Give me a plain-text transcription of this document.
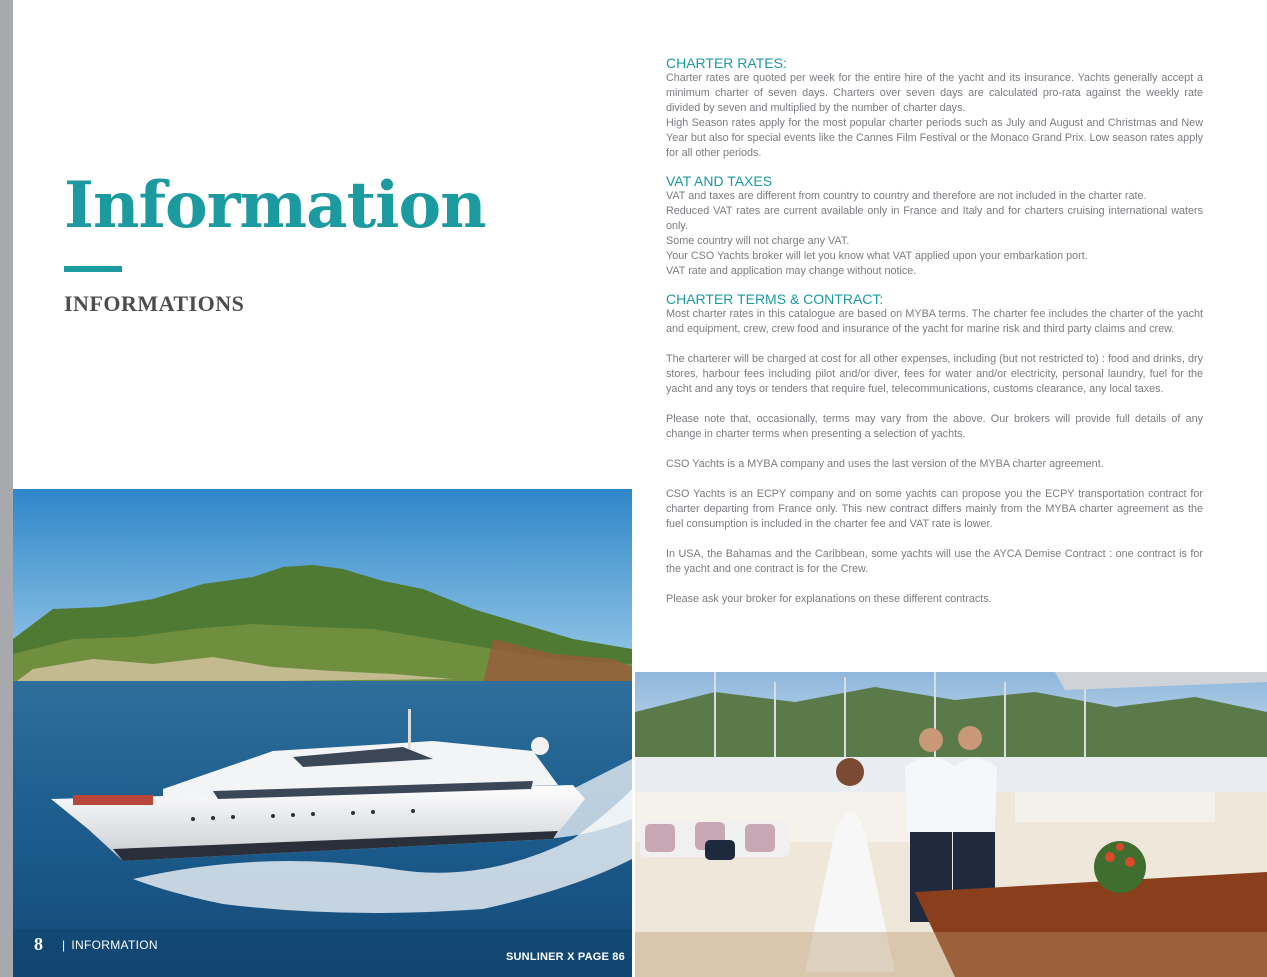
Information
INFORMATIONS
CHARTER RATES:

Charter rates are quoted per week for the entire hire of the yacht and its insurance. Yachts generally accept a minimum charter of seven days. Charters over seven days are calculated pro-rata against the weekly rate divided by seven and multiplied by the number of charter days.

High Season rates apply for the most popular charter periods such as July and August and Christmas and New Year but also for special events like the Cannes Film Festival or the Monaco Grand Prix. Low season rates apply for all other periods.

VAT AND TAXES

VAT and taxes are different from country to country and therefore are not included in the charter rate.

Reduced VAT rates are current available only in France and Italy and for charters cruising international waters only.

Some country will not charge any VAT.

Your CSO Yachts broker will let you know what VAT applied upon your embarkation port.

VAT rate and application may change without notice.

CHARTER TERMS & CONTRACT:

Most charter rates in this catalogue are based on MYBA terms. The charter fee includes the charter of the yacht and equipment, crew, crew food and insurance of the yacht for marine risk and third party claims and crew.

The charterer will be charged at cost for all other expenses, including (but not restricted to) : food and drinks, dry stores, harbour fees including pilot and/or diver, fees for water and/or electricity, personal laundry, fuel for the yacht and any toys or tenders that require fuel, telecommunications, customs clearance, any local taxes.

Please note that, occasionally, terms may vary from the above. Our brokers will provide full details of any change in charter terms when presenting a selection of yachts.

CSO Yachts is a MYBA company and uses the last version of the MYBA charter agreement.

CSO Yachts is an ECPY company and on some yachts can propose you the ECPY transportation contract for charter departing from France only. This new contract differs mainly from the MYBA charter agreement as the fuel consumption is included in the charter fee and VAT rate is lower.

In USA, the Bahamas and the Caribbean, some yachts will use the AYCA Demise Contract : one contract is for the yacht and one contract is for the Crew.

Please ask your broker for explanations on these different contracts.

8 | INFORMATION
SUNLINER X PAGE 86
